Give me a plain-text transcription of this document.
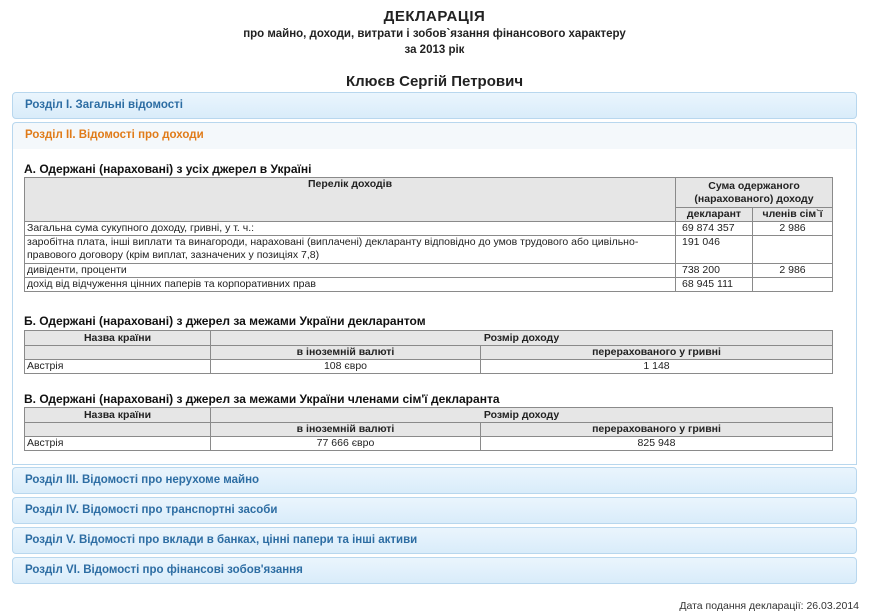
ДЕКЛАРАЦІЯ
про майно, доходи, витрати і зобов`язання фінансового характеру
за 2013 рік
Клюєв Сергій Петрович
Розділ I. Загальні відомості
Розділ II. Відомості про доходи
А. Одержані (нараховані) з усіх джерел в Україні
Перелік доходів	Сума одержаного (нарахованого) доходу	
	декларант	членів сім`ї
Загальна сума сукупного доходу, гривні, у т. ч.:	69 874 357	2 986
заробітна плата, інші виплати та винагороди, нараховані (виплачені) декларанту відповідно до умов трудового або цивільно-правового договору (крім виплат, зазначених у позиціях 7,8)	191 046	
дивіденти, проценти	738 200	2 986
дохід від відчуження цінних паперів та корпоративних прав	68 945 111	
Б. Одержані (нараховані) з джерел за межами України декларантом
Назва країни	Розмір доходу	
	в іноземній валюті	перерахованого у гривні
Австрія	108 євро	1 148
В. Одержані (нараховані) з джерел за межами України членами сім'ї декларанта
Назва країни	Розмір доходу	
	в іноземній валюті	перерахованого у гривні
Австрія	77 666 євро	825 948
Розділ III. Відомості про нерухоме майно
Розділ IV. Відомості про транспортні засоби
Розділ V. Відомості про вклади в банках, цінні папери та інші активи
Розділ VI. Відомості про фінансові зобов'язання
Дата подання декларації: 26.03.2014
